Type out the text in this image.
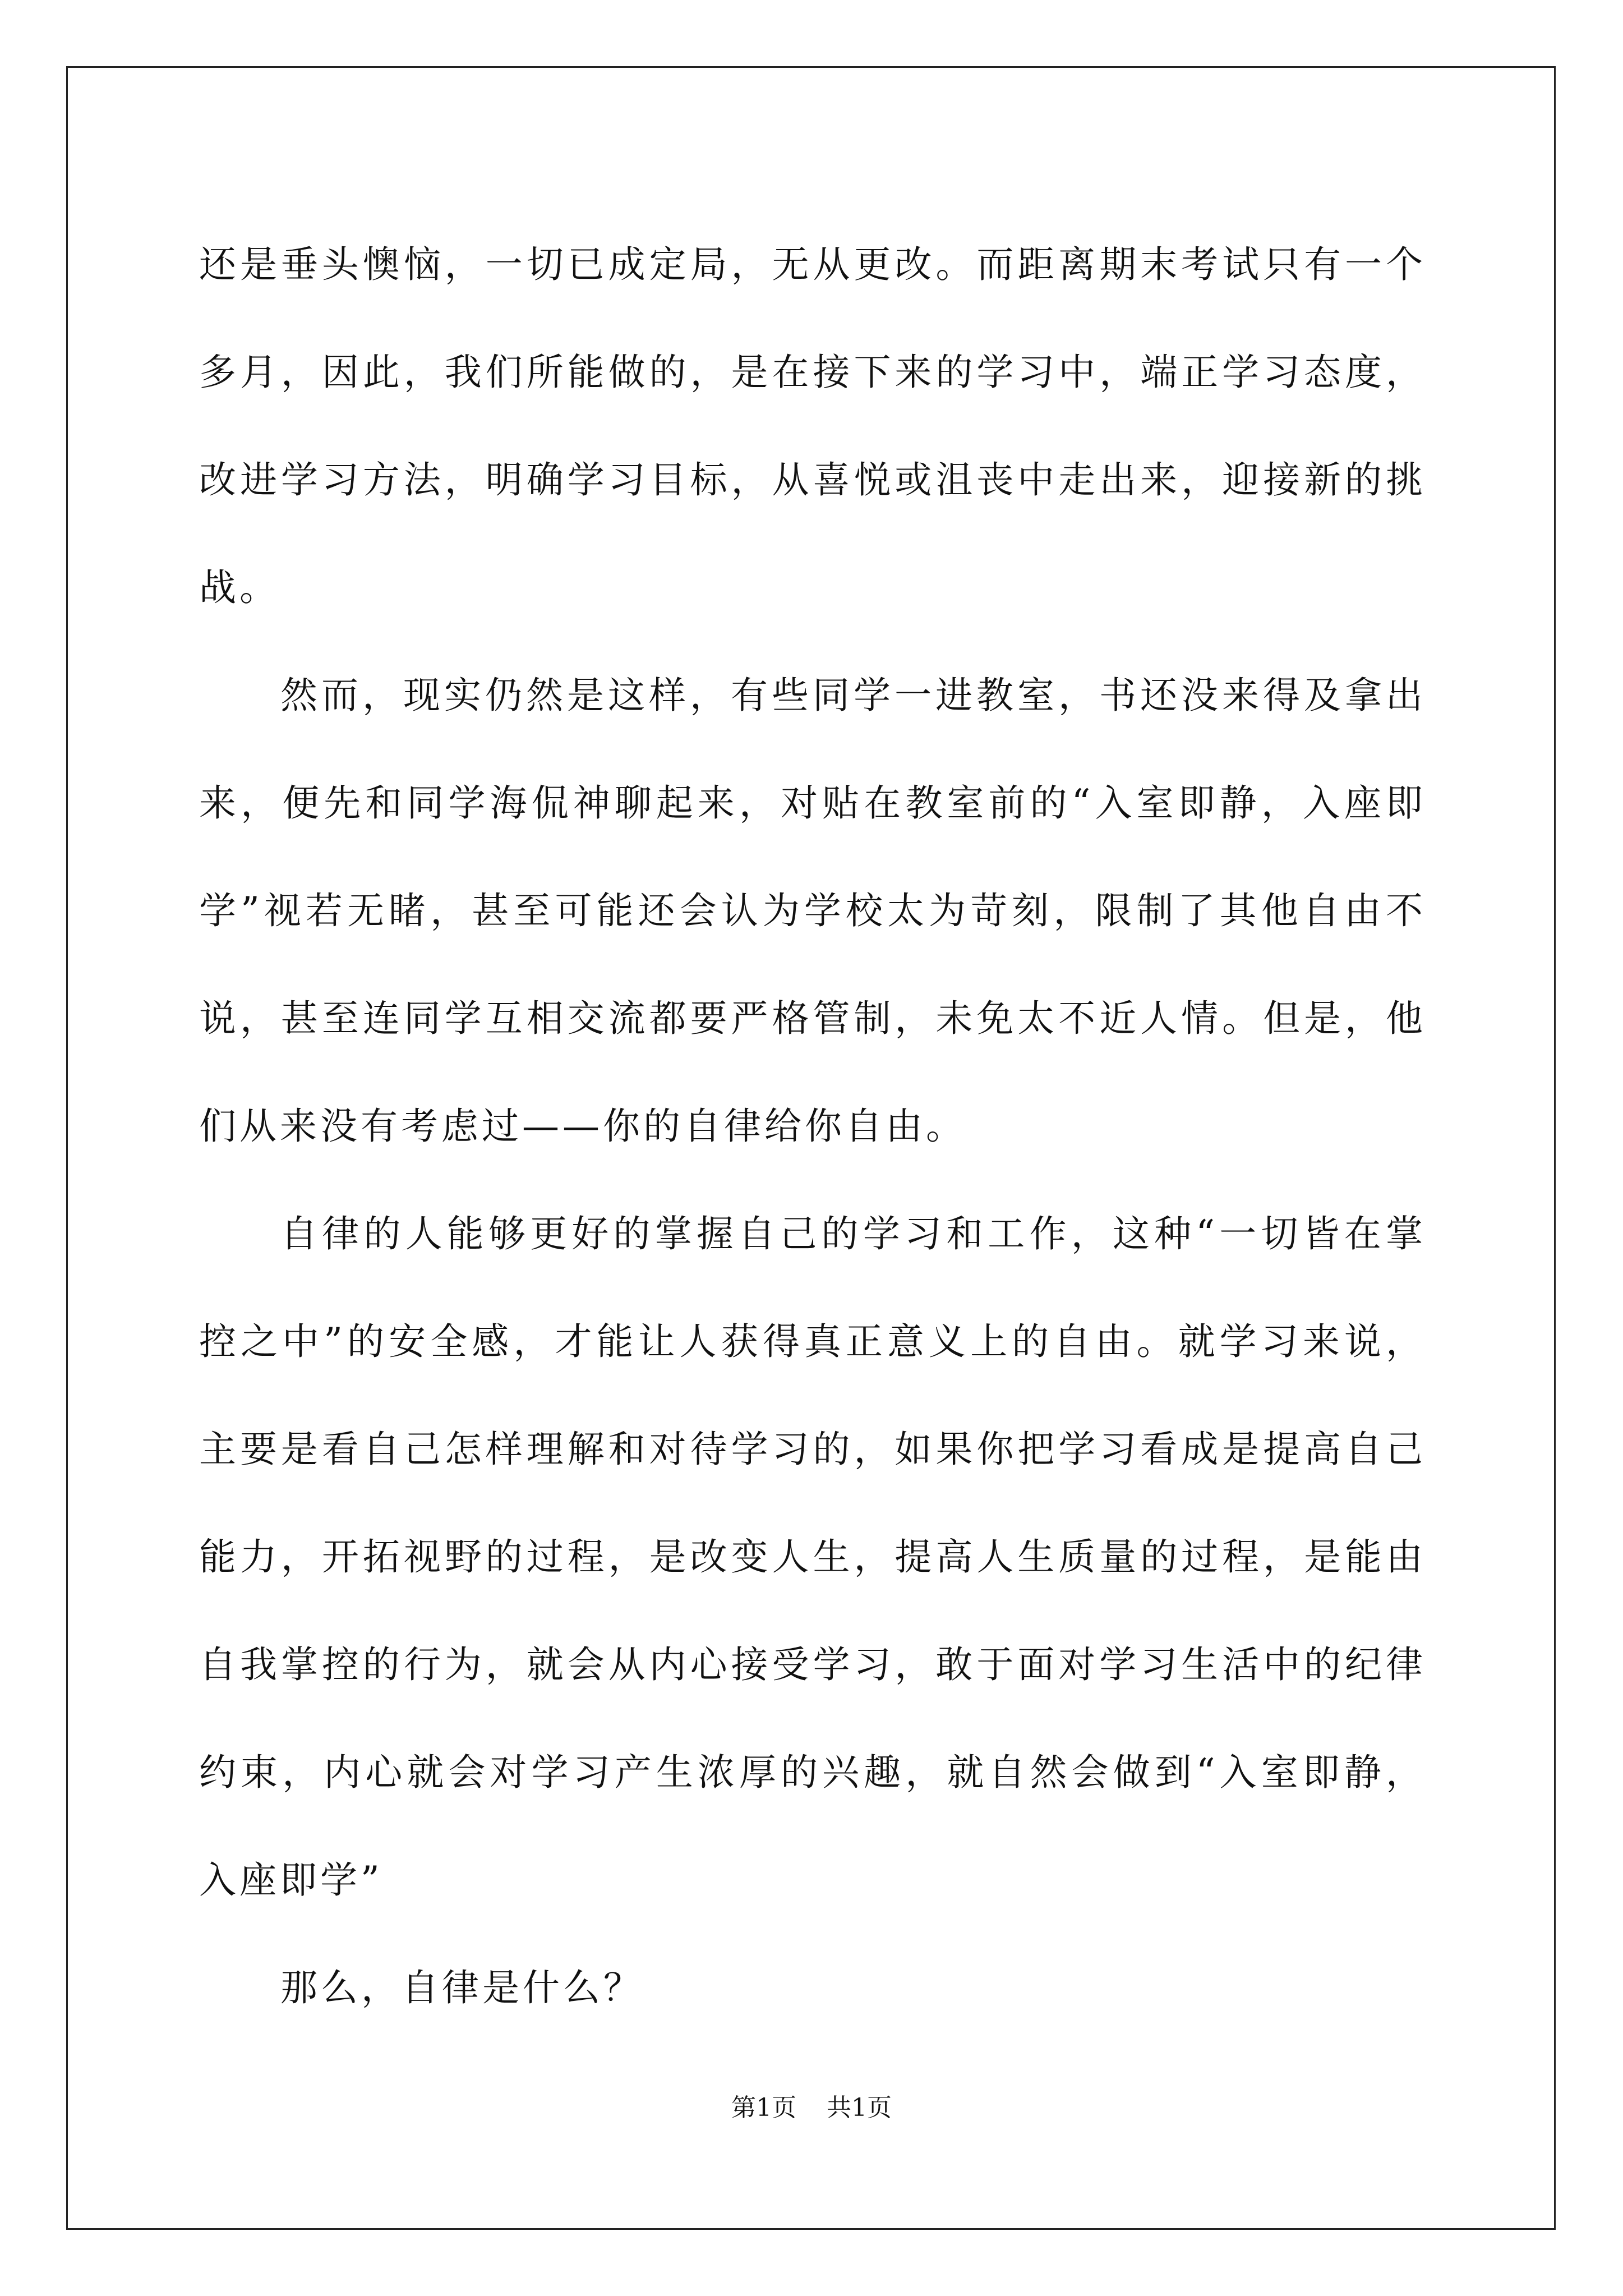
还是垂头懊恼，一切已成定局，无从更改。而距离期末考试只有一个多月，因此，我们所能做的，是在接下来的学习中，端正学习态度，改进学习方法，明确学习目标，从喜悦或沮丧中走出来，迎接新的挑战。

然而，现实仍然是这样，有些同学一进教室，书还没来得及拿出来，便先和同学海侃神聊起来，对贴在教室前的“入室即静，入座即学”视若无睹，甚至可能还会认为学校太为苛刻，限制了其他自由不说，甚至连同学互相交流都要严格管制，未免太不近人情。但是，他们从来没有考虑过——你的自律给你自由。

自律的人能够更好的掌握自己的学习和工作，这种“一切皆在掌控之中”的安全感，才能让人获得真正意义上的自由。就学习来说，主要是看自己怎样理解和对待学习的，如果你把学习看成是提高自己能力，开拓视野的过程，是改变人生，提高人生质量的过程，是能由自我掌控的行为，就会从内心接受学习，敢于面对学习生活中的纪律约束，内心就会对学习产生浓厚的兴趣，就自然会做到“入室即静，入座即学”

那么，自律是什么？

第1页 共1页
